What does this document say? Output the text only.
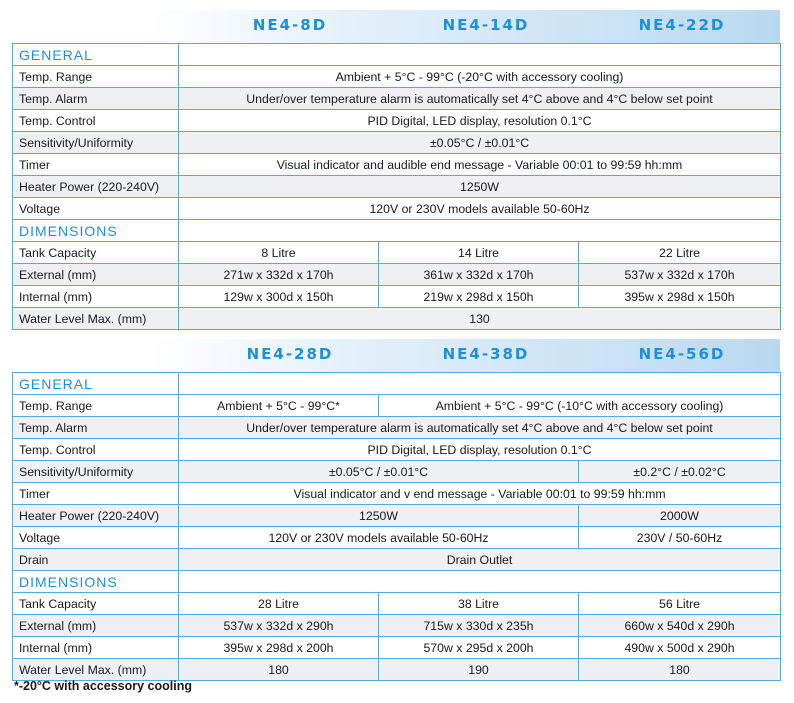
NE4-8D	NE4-14D	NE4-22D
GENERAL			
Temp. Range	Ambient + 5°C - 99°C (-20°C with accessory cooling)		
Temp. Alarm	Under/over temperature alarm is automatically set 4°C above and 4°C below set point		
Temp. Control	PID Digital, LED display, resolution 0.1°C		
Sensitivity/Uniformity	±0.05°C / ±0.01°C		
Timer	Visual indicator and audible end message - Variable 00:01 to 99:59 hh:mm		
Heater Power (220-240V)	1250W		
Voltage	120V or 230V models available 50-60Hz		
DIMENSIONS			
Tank Capacity	8 Litre	14 Litre	22 Litre
External (mm)	271w x 332d x 170h	361w x 332d x 170h	537w x 332d x 170h
Internal (mm)	129w x 300d x 150h	219w x 298d x 150h	395w x 298d x 150h
Water Level Max. (mm)	130		
NE4-28D	NE4-38D	NE4-56D
GENERAL			
Temp. Range	Ambient + 5°C - 99°C*	Ambient + 5°C - 99°C (-10°C with accessory cooling)	
Temp. Alarm	Under/over temperature alarm is automatically set 4°C above and 4°C below set point		
Temp. Control	PID Digital, LED display, resolution 0.1°C		
Sensitivity/Uniformity	±0.05°C / ±0.01°C		±0.2°C / ±0.02°C
Timer	Visual indicator and v end message - Variable 00:01 to 99:59 hh:mm		
Heater Power (220-240V)	1250W		2000W
Voltage	120V or 230V models available 50-60Hz		230V / 50-60Hz
Drain	Drain Outlet		
DIMENSIONS			
Tank Capacity	28 Litre	38 Litre	56 Litre
External (mm)	537w x 332d x 290h	715w x 330d x 235h	660w x 540d x 290h
Internal (mm)	395w x 298d x 200h	570w x 295d x 200h	490w x 500d x 290h
Water Level Max. (mm)	180	190	180
*-20°C with accessory cooling
